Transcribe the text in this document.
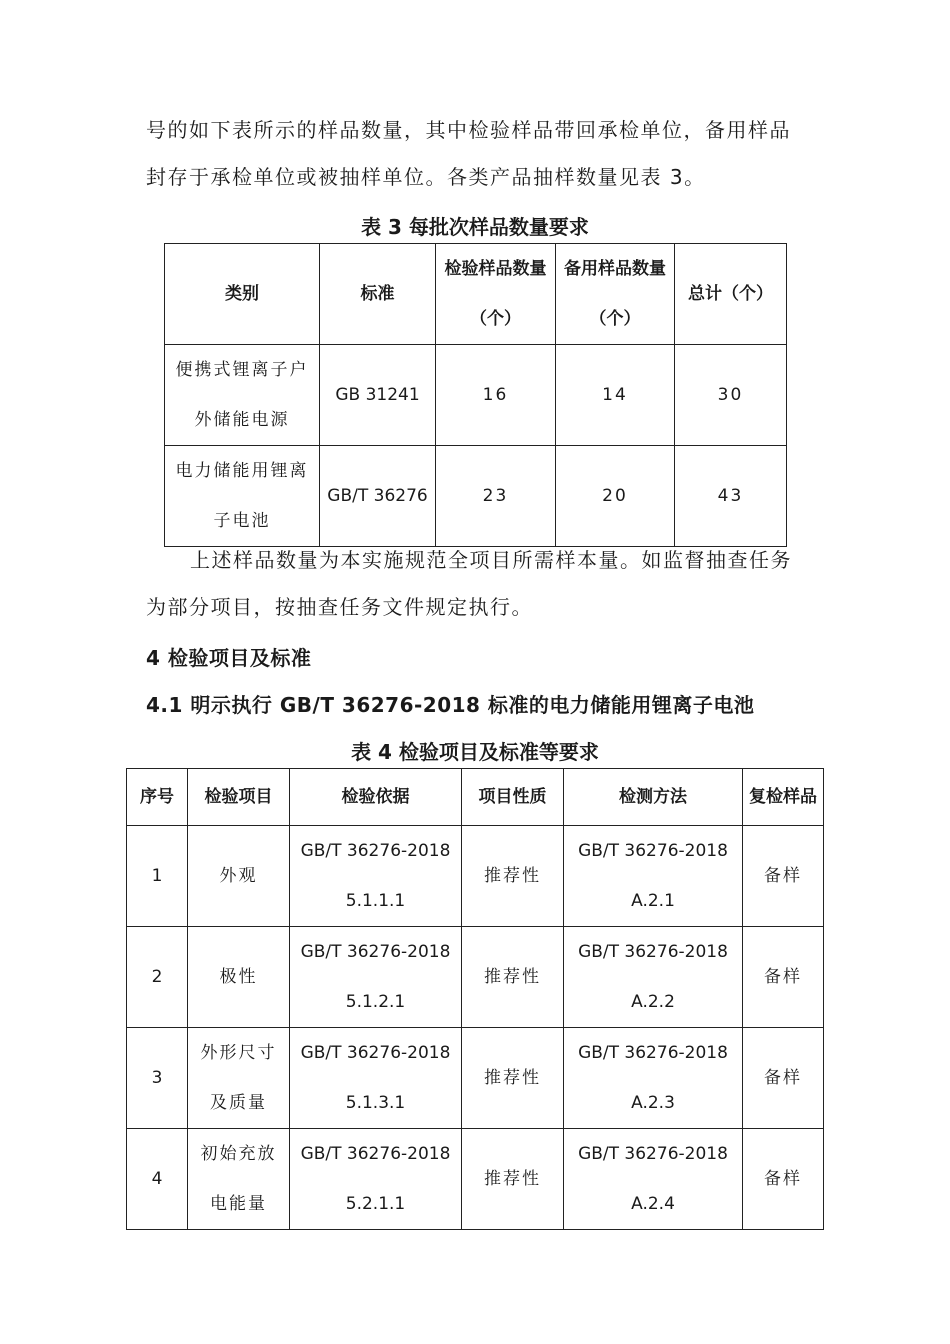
号的如下表所示的样品数量，其中检验样品带回承检单位，备用样品
封存于承检单位或被抽样单位。各类产品抽样数量见表 3。

表 3 每批次样品数量要求

类别	标准	检验样品数量（个）	备用样品数量（个）	总计（个）
便携式锂离子户外储能电源	GB 31241	16	14	30
电力储能用锂离子电池	GB/T 36276	23	20	43

上述样品数量为本实施规范全项目所需样本量。如监督抽查任务为部分项目，按抽查任务文件规定执行。

4 检验项目及标准

4.1 明示执行 GB/T 36276-2018 标准的电力储能用锂离子电池

表 4 检验项目及标准等要求

序号	检验项目	检验依据	项目性质	检测方法	复检样品
1	外观	GB/T 36276-2018 5.1.1.1	推荐性	GB/T 36276-2018 A.2.1	备样
2	极性	GB/T 36276-2018 5.1.2.1	推荐性	GB/T 36276-2018 A.2.2	备样
3	外形尺寸及质量	GB/T 36276-2018 5.1.3.1	推荐性	GB/T 36276-2018 A.2.3	备样
4	初始充放电能量	GB/T 36276-2018 5.2.1.1	推荐性	GB/T 36276-2018 A.2.4	备样
